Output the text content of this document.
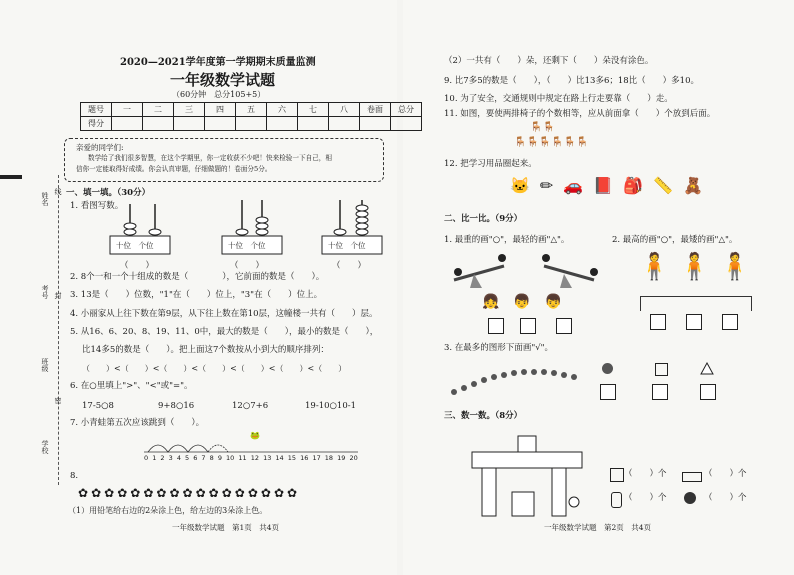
姓名
线
考号 封
班级
密
学校
2020—2021学年度第一学期期末质量监测
一年级数学试题
（60分钟　总分105+5）
题号	一	二	三	四	五	六	七	八	卷面	总分
得分										
亲爱的同学们:
数学给了我们很多智慧，在这个学期里，你一定收获不少吧！快来检验一下自己，相
信你一定能取得好成绩。你会认真审题，仔细做题的！卷面分5分。
一、填一填。（30分）
1. 看图写数。
十位　个位	十位　个位	十位　个位
（　　）	（　　）	（　　）
2. 8个一和一个十组成的数是（　　　　），它前面的数是（　　）。
3. 13是（　　）位数，"1"在（　　）位上，"3"在（　　）位上。
4. 小丽家从上往下数在第9层，从下往上数在第10层，这幢楼一共有（　　）层。
5. 从16、6、20、8、19、11、0中，最大的数是（　　），最小的数是（　　），
比14多5的数是（　　）。把上面这7个数按从小到大的顺序排列：
（　　）<（　　）<（　　）<（　　）<（　　）<（　　）<（　　）
6. 在○里填上">"、"<"或"="。
17-5○8	9+8○16	12○7+6	19-10○10-1
7. 小青蛙第五次应该跳到（　　）。
🐸
0 1 2 3 4 5 6 7 8 9 10 11 12 13 14 15 16 17 18 19 20
8.
✿✿✿✿✿✿✿✿✿✿✿✿✿✿✿✿✿
（1）用铅笔给右边的2朵涂上色，给左边的3朵涂上色。
一年级数学试题　第1页　共4页
（2）一共有（　　）朵，还剩下（　　）朵没有涂色。
9. 比7多5的数是（　　），（　　）比13多6；18比（　　）多10。
10. 为了安全，交通规则中规定在路上行走要靠（　　）走。
11. 如图，要使两排椅子的个数相等，应从前面拿（　　）个放到后面。
🪑🪑
🪑🪑🪑🪑🪑🪑
12. 把学习用品圈起来。
🐱✏🚗📕🎒📏🧸
二、比一比。（9分）
1. 最重的画"○"，最轻的画"△"。	2. 最高的画"○"，最矮的画"△"。
👧👦👦
🧍🧍🧍
3. 在最多的图形下面画"√"。
三、数一数。（8分）
（　　）个	（　　）个
（　　）个	（　　）个
一年级数学试题　第2页　共4页
